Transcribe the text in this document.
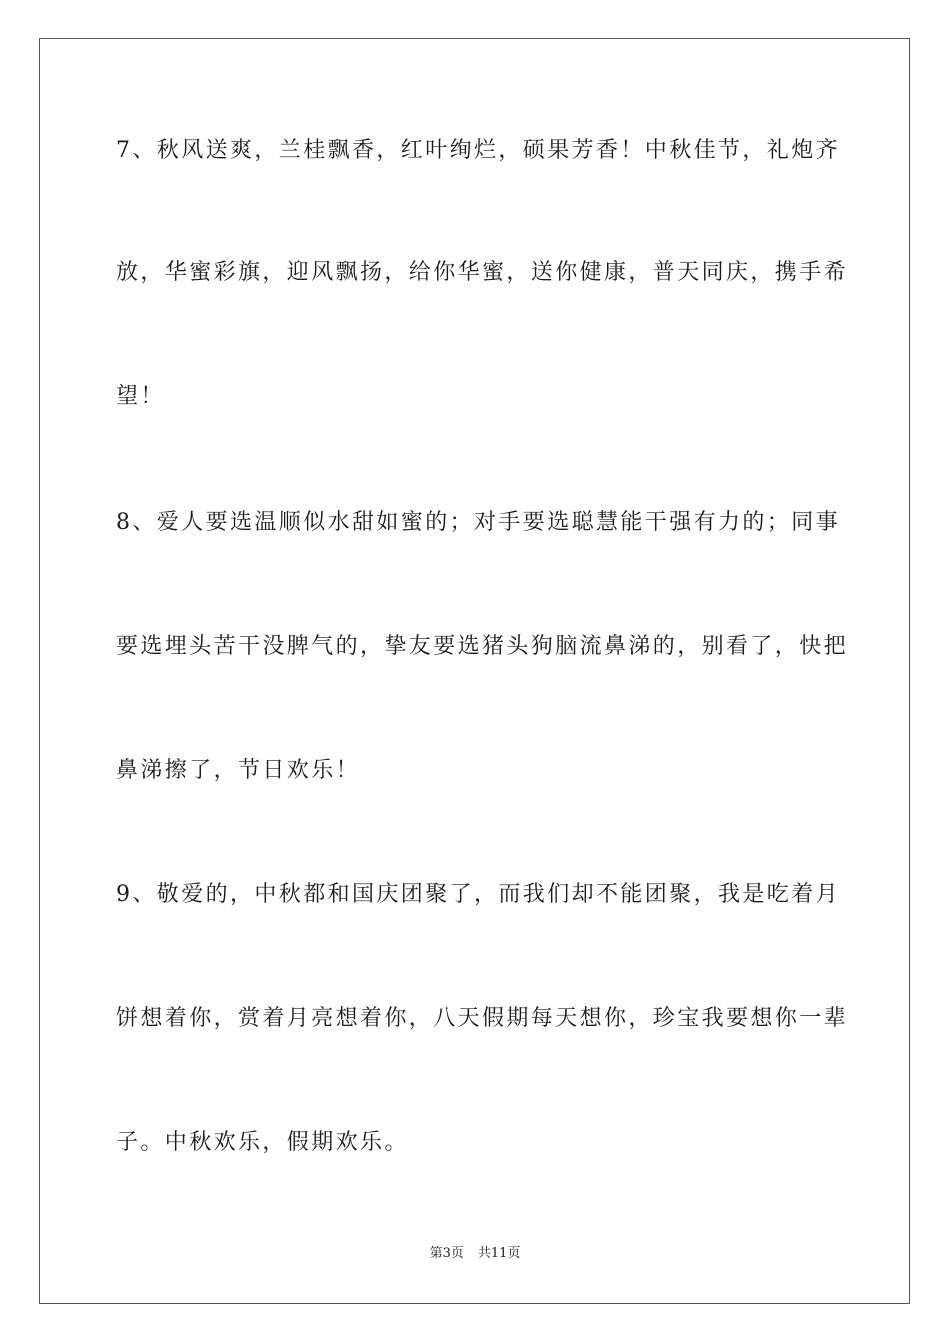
7、秋风送爽，兰桂飘香，红叶绚烂，硕果芳香！中秋佳节，礼炮齐
放，华蜜彩旗，迎风飘扬，给你华蜜，送你健康，普天同庆，携手希
望！
8、爱人要选温顺似水甜如蜜的；对手要选聪慧能干强有力的；同事
要选埋头苦干没脾气的，挚友要选猪头狗脑流鼻涕的，别看了，快把
鼻涕擦了，节日欢乐！
9、敬爱的，中秋都和国庆团聚了，而我们却不能团聚，我是吃着月
饼想着你，赏着月亮想着你，八天假期每天想你，珍宝我要想你一辈
子。中秋欢乐，假期欢乐。
第3页 共11页
